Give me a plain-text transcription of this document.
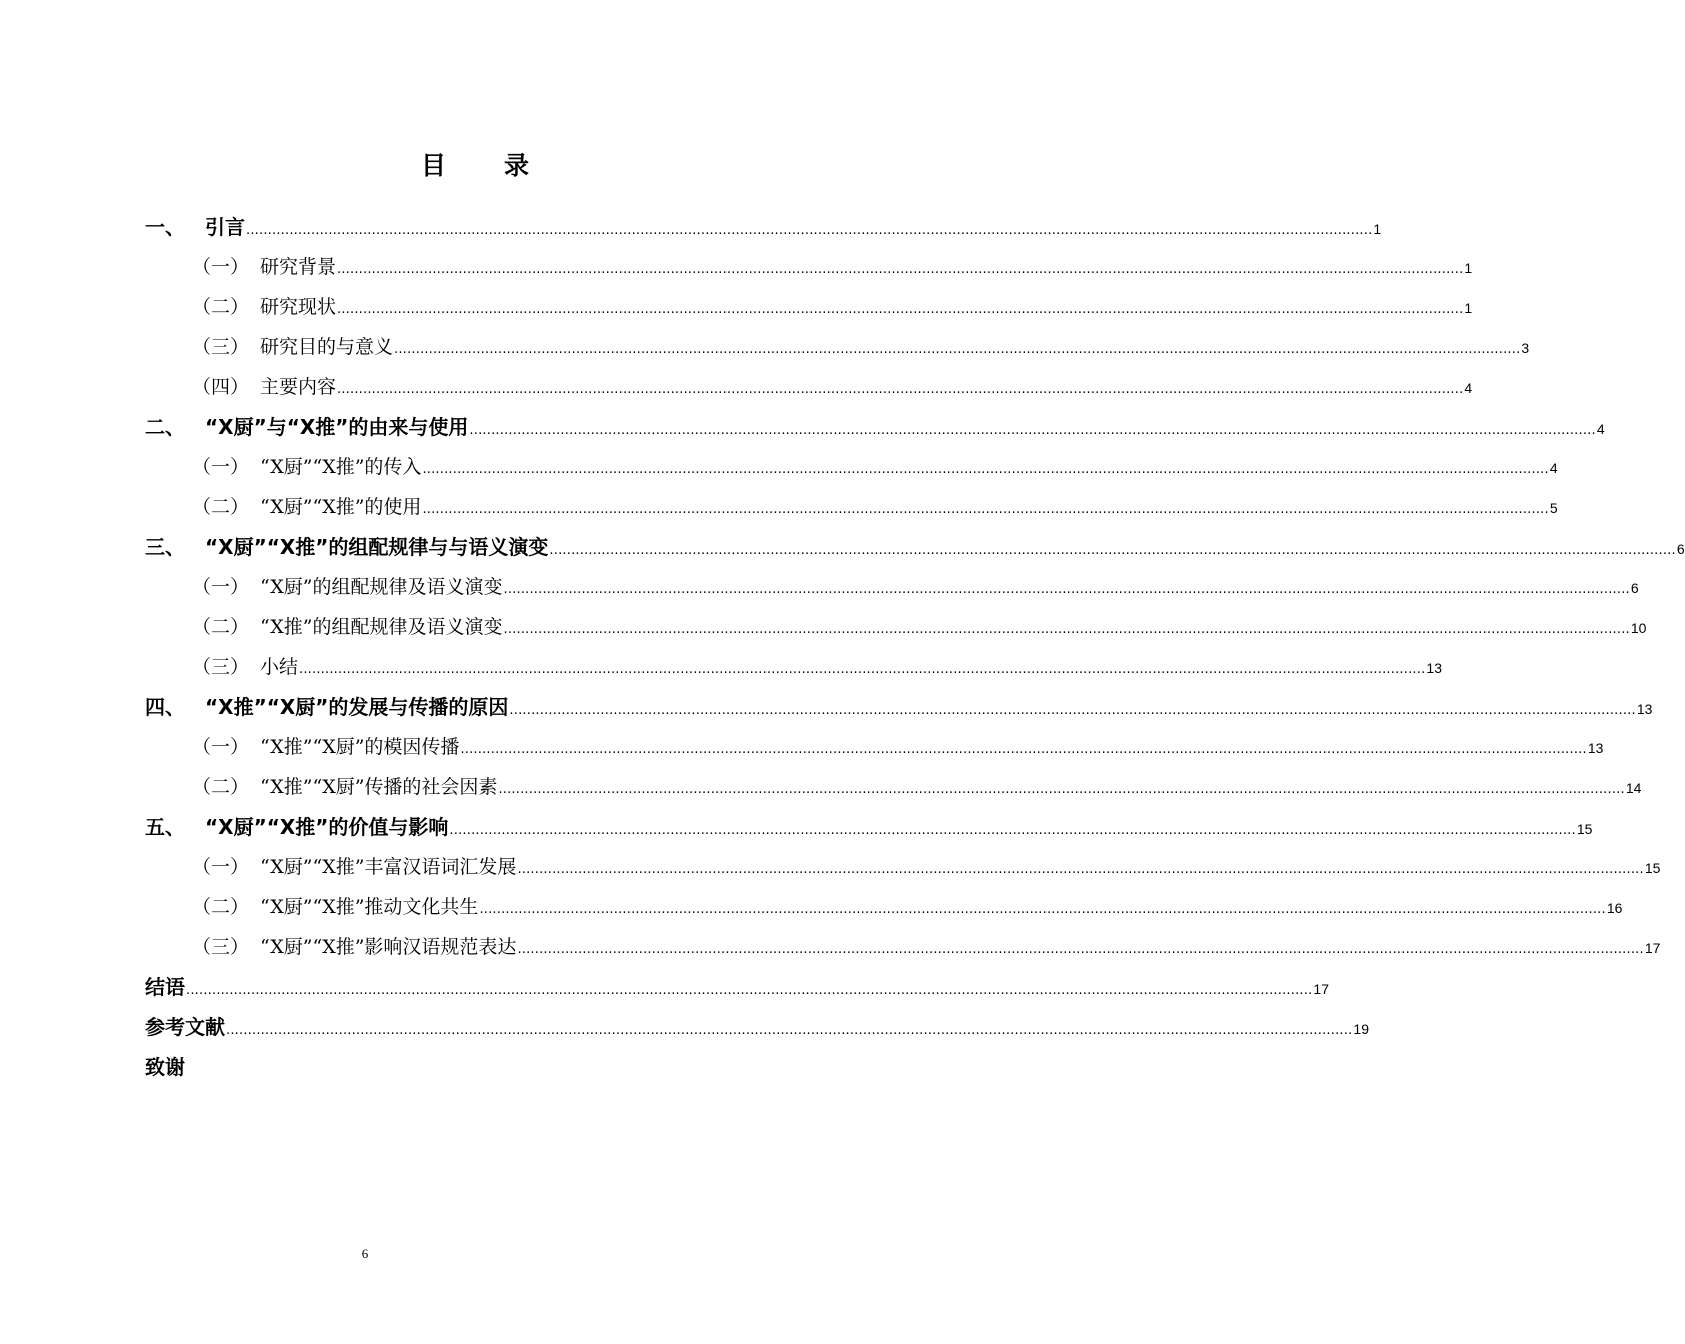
目 录
一、	引言 .................................................................................................................................................................................................................................................................... 1
（一） 研究背景 .................................................................................................................................................................................................................................................................... 1
（二） 研究现状 .................................................................................................................................................................................................................................................................... 1
（三） 研究目的与意义 .................................................................................................................................................................................................................................................................... 3
（四） 主要内容 .................................................................................................................................................................................................................................................................... 4
二、	“X厨”与“X推”的由来与使用 .................................................................................................................................................................................................................................................................... 4
（一） “X厨”“X推”的传入 .................................................................................................................................................................................................................................................................... 4
（二） “X厨”“X推”的使用 .................................................................................................................................................................................................................................................................... 5
三、	“X厨”“X推”的组配规律与与语义演变 .................................................................................................................................................................................................................................................................... 6
（一） “X厨”的组配规律及语义演变 .................................................................................................................................................................................................................................................................... 6
（二） “X推”的组配规律及语义演变 .................................................................................................................................................................................................................................................................... 10
（三） 小结 .................................................................................................................................................................................................................................................................... 13
四、	“X推”“X厨”的发展与传播的原因 .................................................................................................................................................................................................................................................................... 13
（一） “X推”“X厨”的模因传播 .................................................................................................................................................................................................................................................................... 13
（二） “X推”“X厨”传播的社会因素 .................................................................................................................................................................................................................................................................... 14
五、	“X厨”“X推”的价值与影响 .................................................................................................................................................................................................................................................................... 15
（一） “X厨”“X推”丰富汉语词汇发展 .................................................................................................................................................................................................................................................................... 15
（二） “X厨”“X推”推动文化共生 .................................................................................................................................................................................................................................................................... 16
（三） “X厨”“X推”影响汉语规范表达 .................................................................................................................................................................................................................................................................... 17
结语 .................................................................................................................................................................................................................................................................... 17
参考文献 .................................................................................................................................................................................................................................................................... 19
致谢
6
